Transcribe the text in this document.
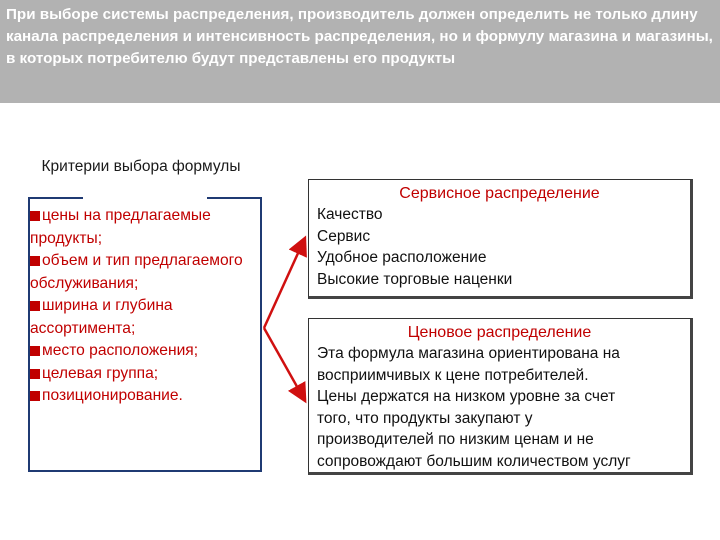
При выборе системы распределения, производитель должен определить не только длину канала распределения и интенсивность распределения, но и формулу магазина и магазины, в которых потребителю будут представлены его продукты

Критерии выбора формулы

цены на предлагаемые продукты;
объем и тип предлагаемого обслуживания;
ширина и глубина ассортимента;
место расположения;
целевая группа;
позиционирование.

Сервисное распределение

Качество

Сервис

Удобное расположение

Высокие торговые наценки

Ценовое распределение

Эта формула магазина ориентирована на

восприимчивых к цене потребителей.

Цены держатся на низком уровне за счет

того, что продукты закупают у

производителей по низким ценам и не

сопровождают большим количеством услуг
